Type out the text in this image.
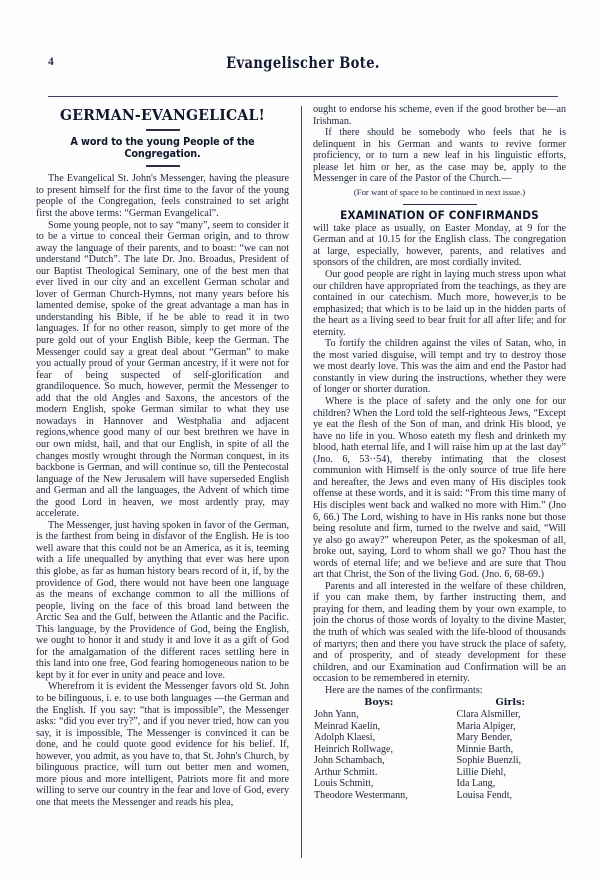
4	Evangelischer Bote.
GERMAN-EVANGELICAL!
A word to the young People of the Congregation.

The Evangelical St. John's Messenger, having the pleasure to present himself for the first time to the favor of the young people of the Congregation, feels constrained to set aright first the above terms: “German Evangelical”.

Some young people, not to say “many”, seem to consider it to be a virtue to conceal their German origin, and to throw away the language of their parents, and to boast: “we can not understand “Dutch”. The late Dr. Jno. Broadus, President of our Baptist Theological Seminary, one of the best men that ever lived in our city and an excellent German scholar and lover of German Church-Hymns, not many years before his lamented demise, spoke of the great advantage a man has in understanding his Bible, if he be able to read it in two languages. If for no other reason, simply to get more of the pure gold out of your English Bible, keep the German. The Messenger could say a great deal about “German” to make you actually proud of your German ancestry, if it were not for fear of being suspected of self-glorification and grandiloquence. So much, however, permit the Messenger to add that the old Angles and Saxons, the ancestors of the modern English, spoke German similar to what they use nowadays in Hannover and Westphalia and adjacent regions,whence good many of our best brethren we have in our own midst, hail, and that our English, in spite of all the changes mostly wrought through the Norman conquest, in its backbone is German, and will continue so, till the Pentecostal language of the New Jerusalem will have superseded English and German and all the languages, the Advent of which time the good Lord in heaven, we most ardently pray, may accelerate.

The Messenger, just having spoken in favor of the German, is the farthest from being in disfavor of the English. He is too well aware that this could not be an America, as it is, teeming with a life unequalled by anything that ever was here upon this globe, as far as human history bears record of it, if, by the providence of God, there would not have been one language as the means of exchange common to all the millions of people, living on the face of this broad land between the Arctic Sea and the Gulf, between the Atlantic and the Pacific. This language, by the Providence of God, being the English, we ought to honor it and study it and love it as a gift of God for the amalgamation of the different races settling here in this land into one free, God fearing homogeneous nation to be kept by it for ever in unity and peace and love.

Wherefrom it is evident the Messenger favors old St. John to be bilinguous, i. e. to use both languages —the German and the English. If you say: “that is impossible”, the Messenger asks: “did you ever try?”, and if you never tried, how can you say, it is impossible, The Messenger is convinced it can be done, and he could quote good evidence for his belief. If, however, you admit, as you have to, that St. John's Church, by bilinguous practice, will turn out better men and women, more pious and more intelligent, Patriots more fit and more willing to serve our country in the fear and love of God, every one that meets the Messenger and reads his plea,

ought to endorse his scheme, even if the good brother be—an Irishman.

If there should be somebody who feels that he is delinquent in his German and wants to revive former proficiency, or to turn a new leaf in his linguistic efforts, please let him or her, as the case may be, apply to the Messenger in care of the Pastor of the Church.—

(For want of space to be continued in next issue.)

EXAMINATION OF CONFIRMANDS

will take place as usually, on Easter Monday, at 9 for the German and at 10.15 for the English class. The congregation at large, especially, however, parents, and relatives and sponsors of the children, are most cordially invited.

Our good people are right in laying much stress upon what our children have appropriated from the teachings, as they are contained in our catechism. Much more, however,is to be emphasized; that which is to be laid up in the hidden parts of the heart as a living seed to bear fruit for all after life; and for eternity.

To fortify the children against the viles of Satan, who, in the most varied disguise, will tempt and try to destroy those we most dearly love. This was the aim and end the Pastor had constantly in view during the instructions, whether they were of longer or shorter duration.

Where is the place of safety and the only one for our children? When the Lord told the self-righteous Jews, “Except ye eat the flesh of the Son of man, and drink His blood, ye have no life in you. Whoso eateth my flesh and drinketh my blood, hath eternal life, and I will raise him up at the last day” (Jno. 6, 53··54), thereby intimating that the closest communion with Himself is the only source of true life here and hereafter, the Jews and even many of His disciples took offense at these words, and it is said: “From this time many of His disciples went back and walked no more with Him.” (Jno 6, 66.) The Lord, wishing to have in His ranks none but those being resolute and firm, turned to the twelve and said, “Will ye also go away?” whereupon Peter, as the spokesman of all, broke out, saying, Lord to whom shall we go? Thou hast the words of eternal life; and we be!ieve and are sure that Thou art that Christ, the Son of the living God. (Jno. 6, 68-69.)

Parents and all interested in the welfare of these children, if you can make them, by farther instructing them, and praying for them, and leading them by your own example, to join the chorus of those words of loyalty to the divine Master, the truth of which was sealed with the life-blood of thousands of martyrs; then and there you have struck the place of safety, and of prosperity, and of steady development for these children, and our Examination aud Confirmation will be an occasion to be remembered in eternity.

Here are the names of the confirmants:

Boys:	Girls:
John Yann,	Clara Alsmiller,
Meinrad Kaelin,	Maria Alpiger,
Adolph Klaesi,	Mary Bender,
Heinrich Rollwage,	Minnie Barth,
John Schambach,	Sophie Buenzli,
Arthur Schmitt.	Lillie Diehl,
Louis Schmitt,	Ida Lang,
Theodore Westermann,	Louisa Fendt,
